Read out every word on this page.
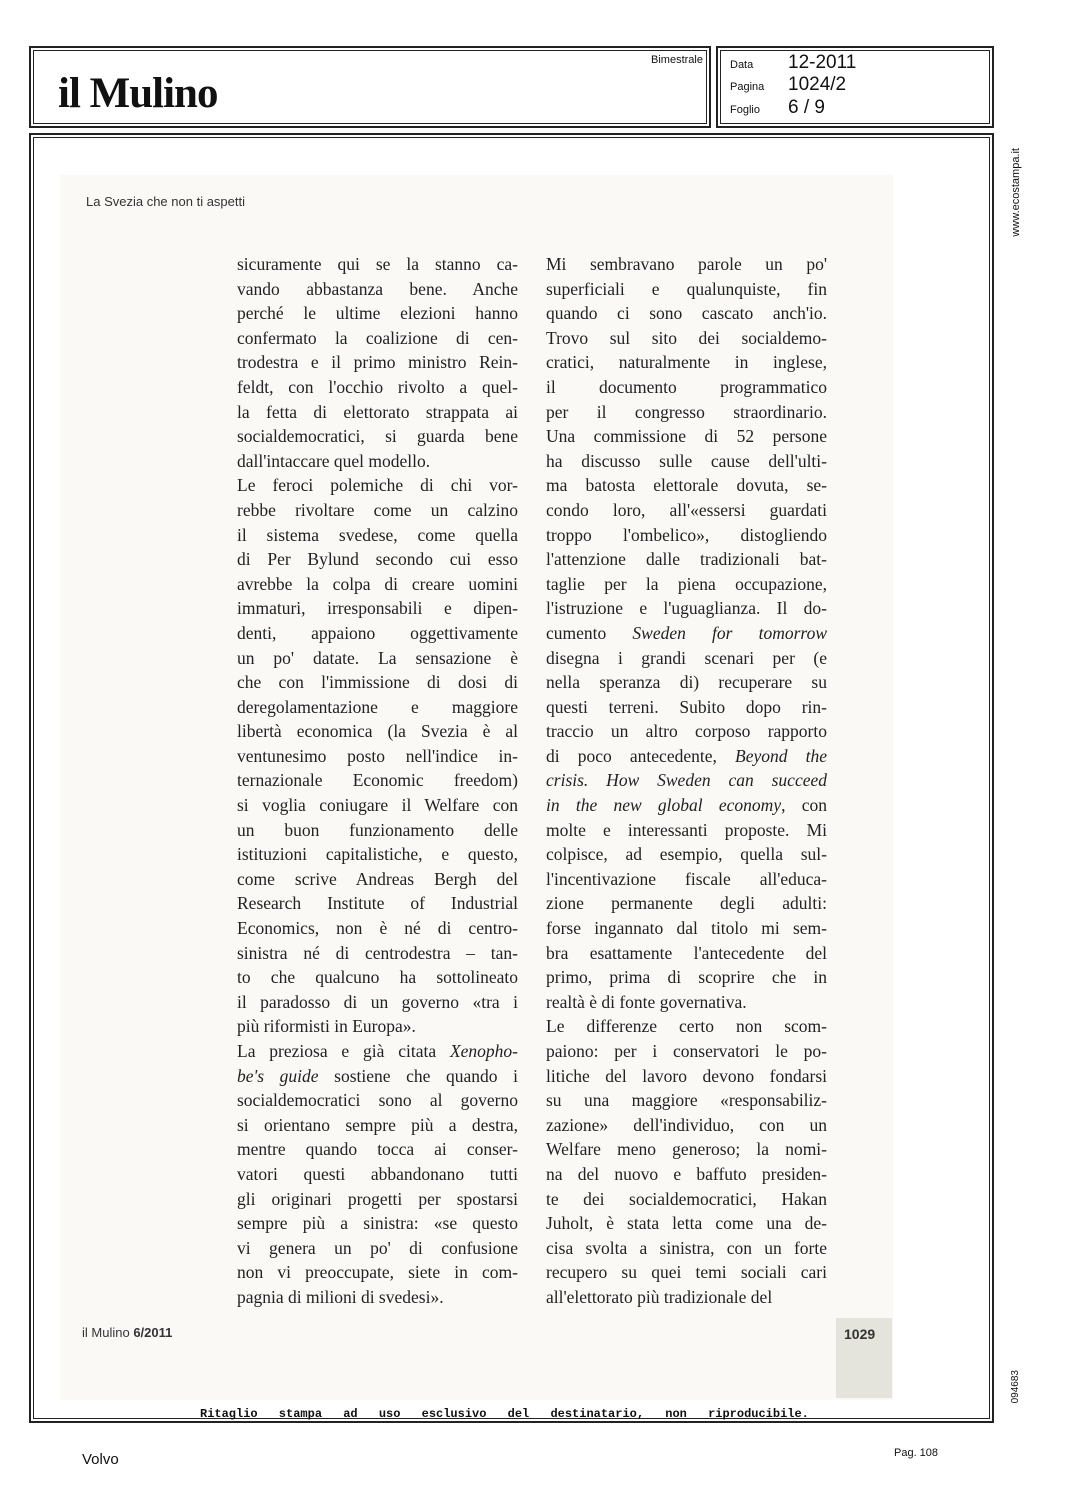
il Mulino
Bimestrale Data 12-2011
Pagina 1024/2
Foglio 6 / 9
La Svezia che non ti aspetti
sicuramente qui se la stanno ca-
vando abbastanza bene. Anche
perché le ultime elezioni hanno
confermato la coalizione di cen-
trodestra e il primo ministro Rein-
feldt, con l'occhio rivolto a quel-
la fetta di elettorato strappata ai
socialdemocratici, si guarda bene
dall'intaccare quel modello.
Le feroci polemiche di chi vor-
rebbe rivoltare come un calzino
il sistema svedese, come quella
di Per Bylund secondo cui esso
avrebbe la colpa di creare uomini
immaturi, irresponsabili e dipen-
denti, appaiono oggettivamente
un po' datate. La sensazione è
che con l'immissione di dosi di
deregolamentazione e maggiore
libertà economica (la Svezia è al
ventunesimo posto nell'indice in-
ternazionale Economic freedom)
si voglia coniugare il Welfare con
un buon funzionamento delle
istituzioni capitalistiche, e questo,
come scrive Andreas Bergh del
Research Institute of Industrial
Economics, non è né di centro-
sinistra né di centrodestra – tan-
to che qualcuno ha sottolineato
il paradosso di un governo «tra i
più riformisti in Europa».
La preziosa e già citata Xenopho-
be's guide sostiene che quando i
socialdemocratici sono al governo
si orientano sempre più a destra,
mentre quando tocca ai conser-
vatori questi abbandonano tutti
gli originari progetti per spostarsi
sempre più a sinistra: «se questo
vi genera un po' di confusione
non vi preoccupate, siete in com-
pagnia di milioni di svedesi».
Mi sembravano parole un po'
superficiali e qualunquiste, fin
quando ci sono cascato anch'io.
Trovo sul sito dei socialdemo-
cratici, naturalmente in inglese,
il documento programmatico
per il congresso straordinario.
Una commissione di 52 persone
ha discusso sulle cause dell'ulti-
ma batosta elettorale dovuta, se-
condo loro, all'«essersi guardati
troppo l'ombelico», distogliendo
l'attenzione dalle tradizionali bat-
taglie per la piena occupazione,
l'istruzione e l'uguaglianza. Il do-
cumento Sweden for tomorrow
disegna i grandi scenari per (e
nella speranza di) recuperare su
questi terreni. Subito dopo rin-
traccio un altro corposo rapporto
di poco antecedente, Beyond the
crisis. How Sweden can succeed
in the new global economy, con
molte e interessanti proposte. Mi
colpisce, ad esempio, quella sul-
l'incentivazione fiscale all'educa-
zione permanente degli adulti:
forse ingannato dal titolo mi sem-
bra esattamente l'antecedente del
primo, prima di scoprire che in
realtà è di fonte governativa.
Le differenze certo non scom-
paiono: per i conservatori le po-
litiche del lavoro devono fondarsi
su una maggiore «responsabiliz-
zazione» dell'individuo, con un
Welfare meno generoso; la nomi-
na del nuovo e baffuto presiden-
te dei socialdemocratici, Hakan
Juholt, è stata letta come una de-
cisa svolta a sinistra, con un forte
recupero su quei temi sociali cari
all'elettorato più tradizionale del
il Mulino 6/2011	1029
www.ecostampa.it
094683
Ritaglio stampa ad uso esclusivo del destinatario, non riproducibile.
Volvo	Pag. 108
